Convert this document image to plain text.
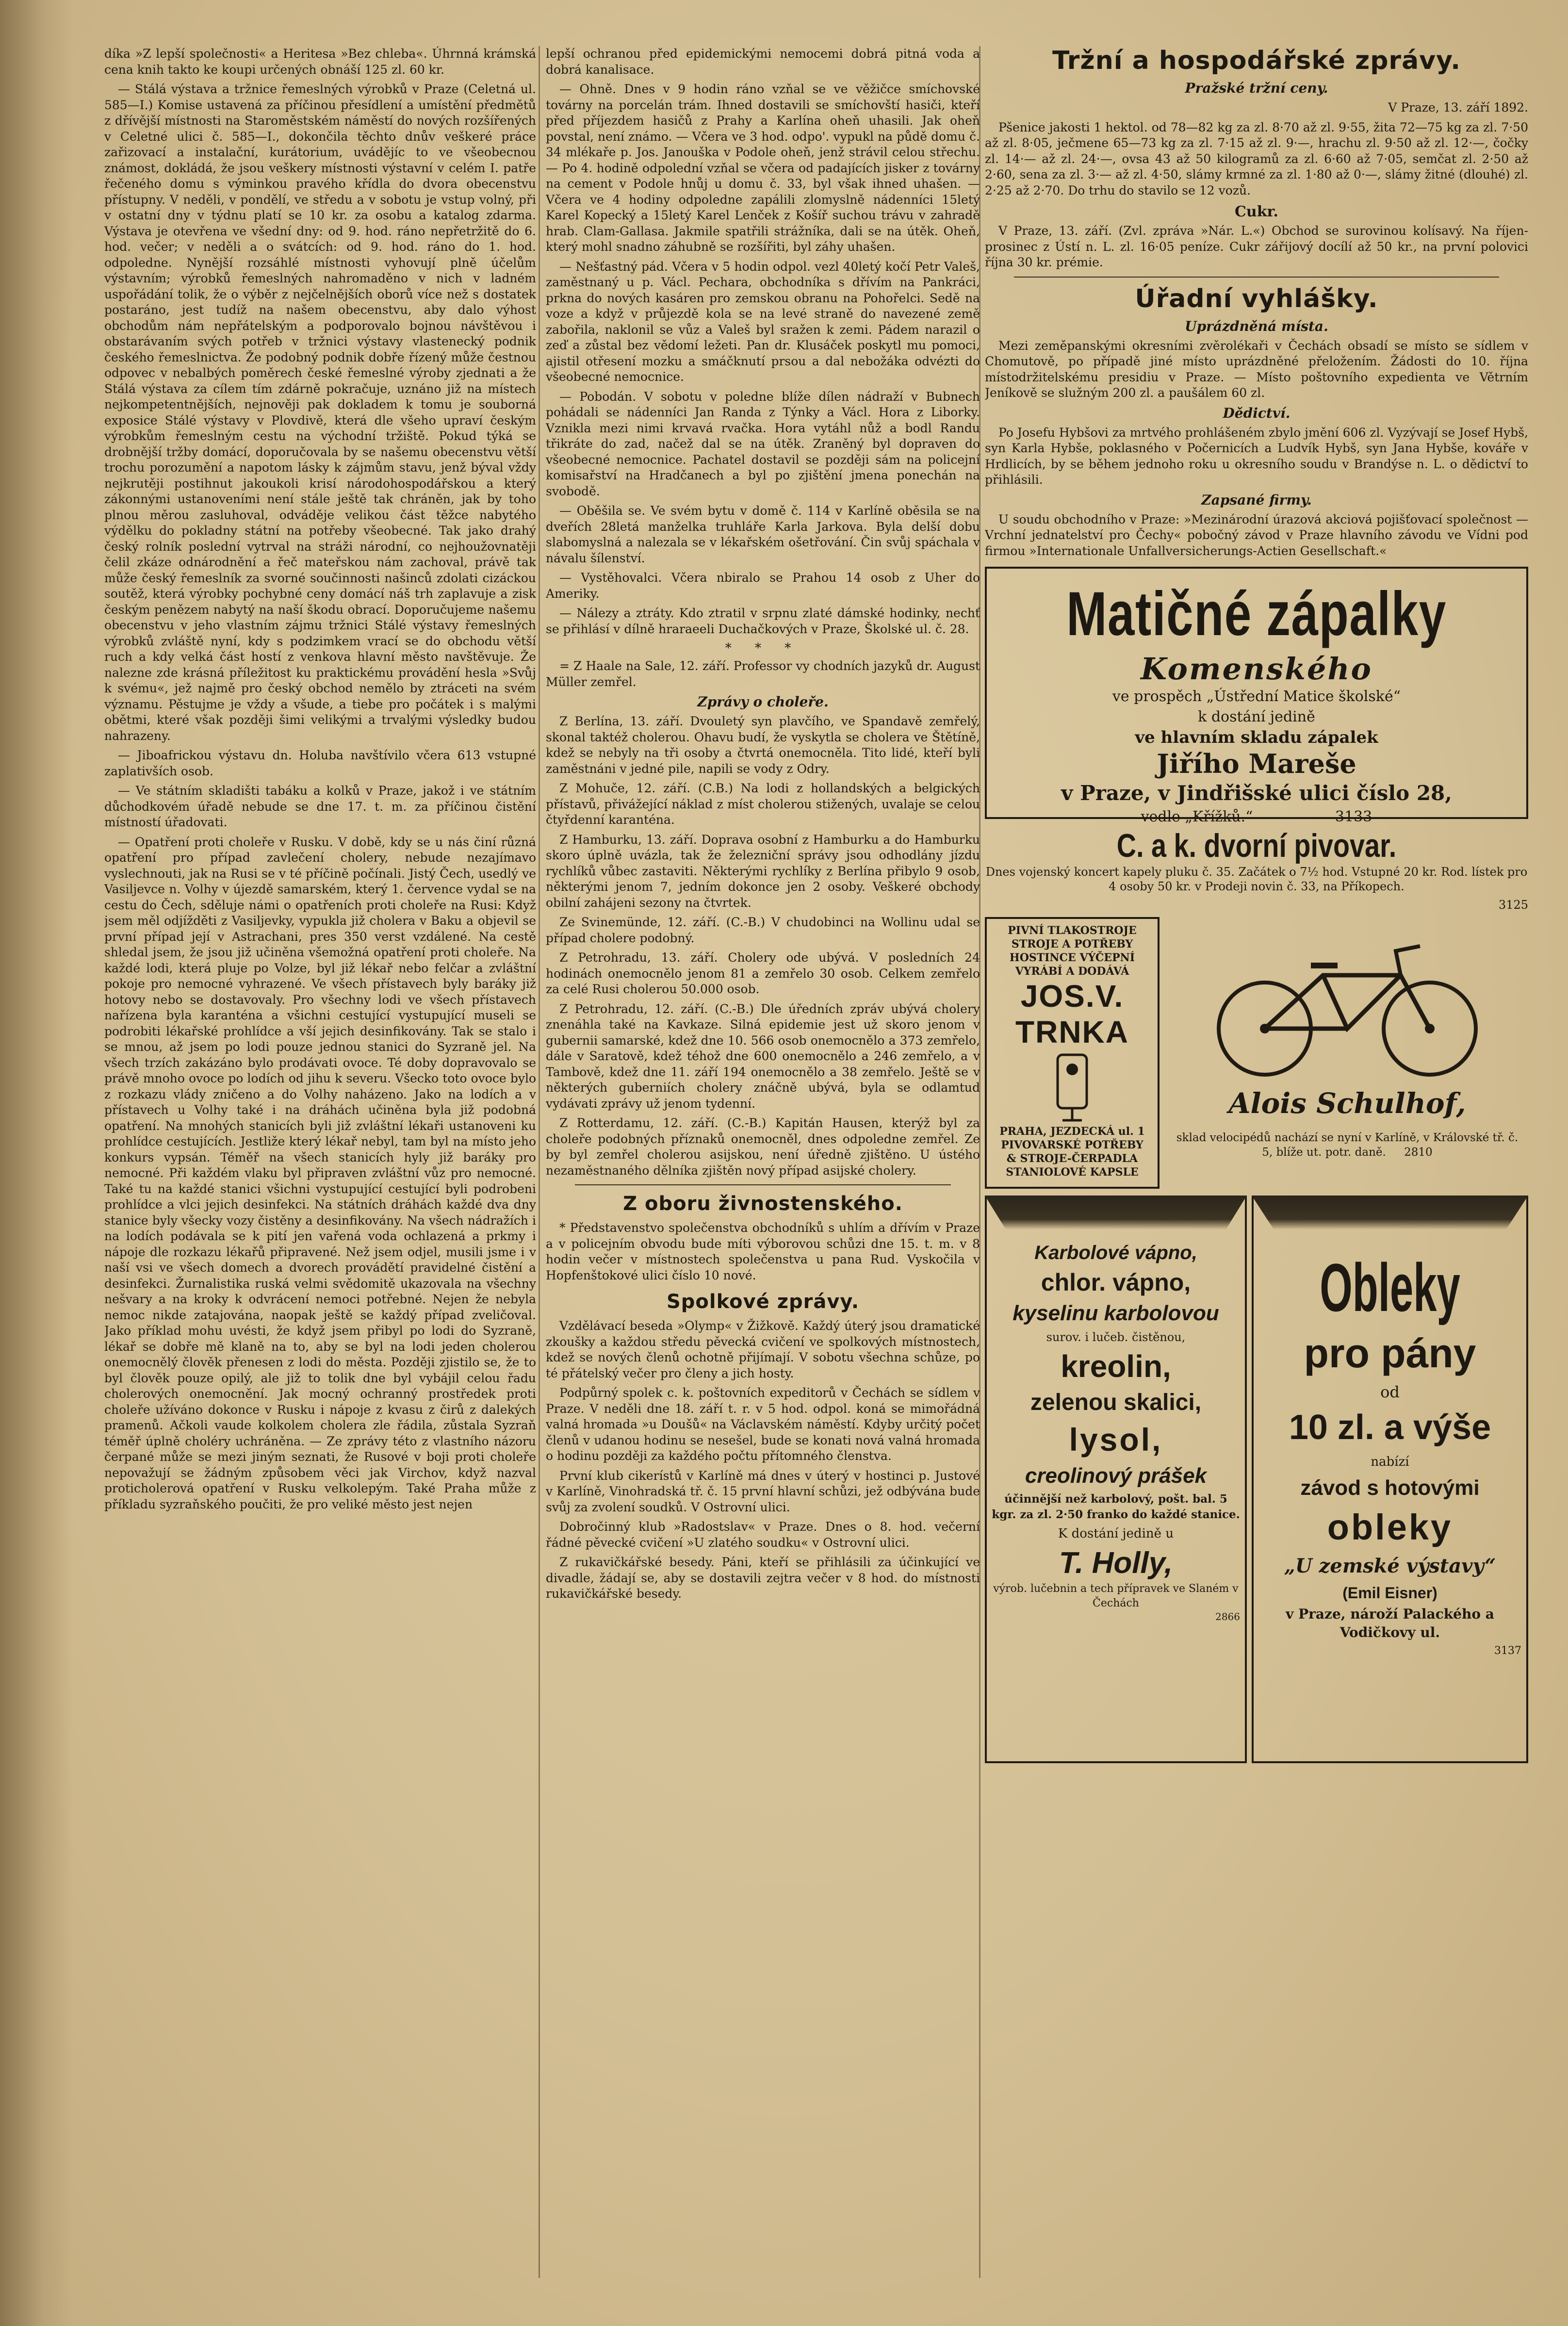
díka »Z lepší společnosti« a Heritesa »Bez chleba«. Úhrnná krámská cena knih takto ke koupi určených obnáší 125 zl. 60 kr.

— Stálá výstava a tržnice řemeslných výrobků v Praze (Celetná ul. 585—I.) Komise ustavená za příčinou přesídlení a umístění předmětů z dřívější místnosti na Staroměstském náměstí do nových rozšířených v Celetné ulici č. 585—I., dokončila těchto dnův veškeré práce zařizovací a instalační, kurátorium, uvádějíc to ve všeobecnou známost, dokládá, že jsou veškery místnosti výstavní v celém I. patře řečeného domu s výminkou pravého křídla do dvora obecenstvu přístupny. V neděli, v pondělí, ve středu a v sobotu je vstup volný, při v ostatní dny v týdnu platí se 10 kr. za osobu a katalog zdarma. Výstava je otevřena ve všední dny: od 9. hod. ráno nepřetržitě do 6. hod. večer; v neděli a o svátcích: od 9. hod. ráno do 1. hod. odpoledne. Nynější rozsáhlé místnosti vyhovují plně účelům výstavním; výrobků řemeslných nahromaděno v nich v ladném uspořádání tolik, že o výběr z nejčelnějších oborů více než s dostatek postaráno, jest tudíž na našem obecenstvu, aby dalo výhost obchodům nám nepřátelským a podporovalo bojnou návštěvou i obstarávaním svých potřeb v tržnici výstavy vlastenecký podnik českého řemeslnictva. Že podobný podnik dobře řízený může čestnou odpovec v nebalbých poměrech české řemeslné výroby zjednati a že Stálá výstava za cílem tím zdárně pokračuje, uznáno již na místech nejkompetentnějších, nejnověji pak dokladem k tomu je souborná exposice Stálé výstavy v Plovdivě, která dle všeho upraví českým výrobkům řemeslným cestu na východní tržiště. Pokud týká se drobnější tržby domácí, doporučovala by se našemu obecenstvu větší trochu porozumění a napotom lásky k zájmům stavu, jenž býval vždy nejkrutěji postihnut jakoukoli krisí národohospodářskou a který zákonnými ustanoveními není stále ještě tak chráněn, jak by toho plnou měrou zasluhoval, odváděje velikou část těžce nabytého výdělku do pokladny státní na potřeby všeobecné. Tak jako drahý český rolník poslední vytrval na stráži národní, co nejhoužovnatěji čelil zkáze odnárodnění a řeč mateřskou nám zachoval, právě tak může český řemeslník za svorné součinnosti našinců zdolati cizáckou soutěž, která výrobky pochybné ceny domácí náš trh zaplavuje a zisk českým penězem nabytý na naší škodu obrací. Doporučujeme našemu obecenstvu v jeho vlastním zájmu tržnici Stálé výstavy řemeslných výrobků zvláště nyní, kdy s podzimkem vrací se do obchodu větší ruch a kdy velká část hostí z venkova hlavní město navštěvuje. Že nalezne zde krásná příležitost ku praktickému provádění hesla »Svůj k svému«, jež najmě pro český obchod nemělo by ztráceti na svém významu. Pěstujme je vždy a všude, a tiebe pro počátek i s malými obětmi, které však později šimi velikými a trvalými výsledky budou nahrazeny.

— Jiboafrickou výstavu dn. Holuba navštívilo včera 613 vstupné zaplativších osob.

— Ve státním skladišti tabáku a kolků v Praze, jakož i ve státním důchodkovém úřadě nebude se dne 17. t. m. za příčinou čistění místností úřadovati.

— Opatření proti choleře v Rusku. V době, kdy se u nás činí různá opatření pro případ zavlečení cholery, nebude nezajímavo vyslechnouti, jak na Rusi se v té příčině počínali. Jistý Čech, usedlý ve Vasiljevce n. Volhy v újezdě samarském, který 1. července vydal se na cestu do Čech, sděluje námi o opatřeních proti choleře na Rusi: Když jsem měl odjížděti z Vasiljevky, vypukla již cholera v Baku a objevil se první případ její v Astrachani, pres 350 verst vzdálené. Na cestě shledal jsem, že jsou již učiněna všemožná opatření proti choleře. Na každé lodi, která pluje po Volze, byl již lékař nebo felčar a zvláštní pokoje pro nemocné vyhrazené. Ve všech přístavech byly baráky již hotovy nebo se dostavovaly. Pro všechny lodi ve všech přístavech nařízena byla karanténa a všichni cestující vystupující museli se podrobiti lékařské prohlídce a vší jejich desinfikovány. Tak se stalo i se mnou, až jsem po lodi pouze jednou stanici do Syzraně jel. Na všech trzích zakázáno bylo prodávati ovoce. Té doby dopravovalo se právě mnoho ovoce po lodích od jihu k severu. Všecko toto ovoce bylo z rozkazu vlády zničeno a do Volhy naházeno. Jako na lodích a v přístavech u Volhy také i na dráhách učiněna byla již podobná opatření. Na mnohých stanicích byli již zvláštní lékaři ustanoveni ku prohlídce cestujících. Jestliže který lékař nebyl, tam byl na místo jeho konkurs vypsán. Téměř na všech stanicích hyly již baráky pro nemocné. Při každém vlaku byl připraven zvláštní vůz pro nemocné. Také tu na každé stanici všichni vystupující cestující byli podrobeni prohlídce a vlci jejich desinfekci. Na státních dráhách každé dva dny stanice byly všecky vozy čistěny a desinfikovány. Na všech nádražích i na lodích podávala se k pití jen vařená voda ochlazená a prkmy i nápoje dle rozkazu lékařů připravené. Než jsem odjel, musili jsme i v naší vsi ve všech domech a dvorech provádětí pravidelné čistění a desinfekci. Žurnalistika ruská velmi svědomitě ukazovala na všechny nešvary a na kroky k odvrácení nemoci potřebné. Nejen že nebyla nemoc nikde zatajována, naopak ještě se každý případ zveličoval. Jako příklad mohu uvésti, že když jsem přibyl po lodi do Syzraně, lékař se dobře mě klaně na to, aby se byl na lodi jeden cholerou onemocnělý člověk přenesen z lodi do města. Později zjistilo se, že to byl člověk pouze opilý, ale již to tolik dne byl vybájil celou řadu cholerových onemocnění. Jak mocný ochranný prostředek proti choleře užíváno dokonce v Rusku i nápoje z kvasu z čirů z dalekých pramenů. Ačkoli vaude kolkolem cholera zle řádila, zůstala Syzraň téměř úplně choléry uchráněna. — Ze zprávy této z vlastního názoru čerpané může se mezi jiným seznati, že Rusové v boji proti choleře nepovažují se žádným způsobem věci jak Virchov, když nazval proticholerová opatření v Rusku velkolepým. Také Praha může z příkladu syzraňského poučiti, že pro veliké město jest nejen

lepší ochranou před epidemickými nemocemi dobrá pitná voda a dobrá kanalisace.

— Ohně. Dnes v 9 hodin ráno vzňal se ve věžičce smíchovské továrny na porcelán trám. Ihned dostavili se smíchovští hasiči, kteří před příjezdem hasičů z Prahy a Karlína oheň uhasili. Jak oheň povstal, není známo. — Včera ve 3 hod. odpo'. vypukl na půdě domu č. 34 mlékaře p. Jos. Janouška v Podole oheň, jenž strávil celou střechu. — Po 4. hodině odpolední vzňal se včera od padajících jisker z továrny na cement v Podole hnůj u domu č. 33, byl však ihned uhašen. — Včera ve 4 hodiny odpoledne zapálili zlomyslně nádenníci 15letý Karel Kopecký a 15letý Karel Lenček z Košíř suchou trávu v zahradě hrab. Clam-Gallasa. Jakmile spatřili strážníka, dali se na útěk. Oheň, který mohl snadno záhubně se rozšířiti, byl záhy uhašen.

— Nešťastný pád. Včera v 5 hodin odpol. vezl 40letý kočí Petr Valeš, zaměstnaný u p. Václ. Pechara, obchodníka s dřívím na Pankráci, prkna do nových kasáren pro zemskou obranu na Pohořelci. Sedě na voze a když v průjezdě kola se na levé straně do navezené země zabořila, naklonil se vůz a Valeš byl sražen k zemi. Pádem narazil o zeď a zůstal bez vědomí ležeti. Pan dr. Klusáček poskytl mu pomoci, ajistil otřesení mozku a smáčknutí prsou a dal nebožáka odvézti do všeobecné nemocnice.

— Pobodán. V sobotu v poledne blíže dílen nádraží v Bubnech pohádali se nádenníci Jan Randa z Týnky a Václ. Hora z Liborky. Vznikla mezi nimi krvavá rvačka. Hora vytáhl nůž a bodl Randu třikráte do zad, načež dal se na útěk. Zraněný byl dopraven do všeobecné nemocnice. Pachatel dostavil se později sám na policejní komisařství na Hradčanech a byl po zjištění jmena ponechán na svobodě.

— Oběšila se. Ve svém bytu v domě č. 114 v Karlíně oběsila se na dveřích 28letá manželka truhláře Karla Jarkova. Byla delší dobu slabomyslná a nalezala se v lékařském ošetřování. Čin svůj spáchala v návalu šílenství.

— Vystěhovalci. Včera nbiralo se Prahou 14 osob z Uher do Ameriky.

— Nálezy a ztráty. Kdo ztratil v srpnu zlaté dámské hodinky, nechť se přihlásí v dílně hraraeeli Duchačkových v Praze, Školské ul. č. 28.

* * *

= Z Haale na Sale, 12. září. Professor vy chodních jazyků dr. August Müller zemřel.

Zprávy o choleře.

Z Berlína, 13. září. Dvouletý syn plavčího, ve Spandavě zemřelý, skonal taktéž cholerou. Ohavu budí, že vyskytla se cholera ve Štětíně, kdež se nebyly na tři osoby a čtvrtá onemocněla. Tito lidé, kteří byli zaměstnáni v jedné pile, napili se vody z Odry.

Z Mohuče, 12. září. (C.B.) Na lodi z hollandských a belgických přístavů, přivážející náklad z míst cholerou stižených, uvalaje se celou čtyřdenní karanténa.

Z Hamburku, 13. září. Doprava osobní z Hamburku a do Hamburku skoro úplně uvázla, tak že železniční správy jsou odhodlány jízdu rychlíků vůbec zastaviti. Některými rychlíky z Berlína přibylo 9 osob, některými jenom 7, jedním dokonce jen 2 osoby. Veškeré obchody obilní zahájeni sezony na čtvrtek.

Ze Svinemünde, 12. září. (C.-B.) V chudobinci na Wollinu udal se případ cholere podobný.

Z Petrohradu, 13. září. Cholery ode ubývá. V posledních 24 hodinách onemocnělo jenom 81 a zemřelo 30 osob. Celkem zemřelo za celé Rusi cholerou 50.000 osob.

Z Petrohradu, 12. září. (C.-B.) Dle úředních zpráv ubývá cholery znenáhla také na Kavkaze. Silná epidemie jest už skoro jenom v gubernii samarské, kdež dne 10. 566 osob onemocnělo a 373 zemřelo, dále v Saratově, kdež téhož dne 600 onemocnělo a 246 zemřelo, a v Tambově, kdež dne 11. září 194 onemocnělo a 38 zemřelo. Ještě se v některých guberniích cholery znáčně ubývá, byla se odlamtud vydávati zprávy už jenom tydenní.

Z Rotterdamu, 12. září. (C.-B.) Kapitán Hausen, kterýž byl za choleře podobných příznaků onemocněl, dnes odpoledne zemřel. Ze by byl zemřel cholerou asijskou, není úředně zjištěno. U ústého nezaměstnaného dělníka zjištěn nový případ asijské cholery.

Z oboru živnostenského.

* Představenstvo společenstva obchodníků s uhlím a dřívím v Praze a v policejním obvodu bude míti výborovou schůzi dne 15. t. m. v 8 hodin večer v místnostech společenstva u pana Rud. Vyskočila v Hopfenštokové ulici číslo 10 nové.

Spolkové zprávy.

Vzdělávací beseda »Olymp« v Žižkově. Každý úterý jsou dramatické zkoušky a každou středu pěvecká cvičení ve spolkových místnostech, kdež se nových členů ochotně přijímají. V sobotu všechna schůze, po té přátelský večer pro členy a jich hosty.

Podpůrný spolek c. k. poštovních expeditorů v Čechách se sídlem v Praze. V neděli dne 18. září t. r. v 5 hod. odpol. koná se mimořádná valná hromada »u Doušů« na Václavském náměstí. Kdyby určitý počet členů v udanou hodinu se nesešel, bude se konati nová valná hromada o hodinu později za každého počtu přítomného členstva.

První klub cikerístů v Karlíně má dnes v úterý v hostinci p. Justové v Karlíně, Vinohradská tř. č. 15 první hlavní schůzi, jež odbývána bude svůj za zvolení soudků. V Ostrovní ulici.

Dobročinný klub »Radostslav« v Praze. Dnes o 8. hod. večerní řádné pěvecké cvičení »U zlatého soudku« v Ostrovní ulici.

Z rukavičkářské besedy. Páni, kteří se přihlásili za účinkující ve divadle, žádají se, aby se dostavili zejtra večer v 8 hod. do místnosti rukavičkářské besedy.

Tržní a hospodářské zprávy.
Pražské tržní ceny.

V Praze, 13. září 1892.

Pšenice jakosti 1 hektol. od 78—82 kg za zl. 8·70 až zl. 9·55, žita 72—75 kg za zl. 7·50 až zl. 8·05, ječmene 65—73 kg za zl. 7·15 až zl. 9·—, hrachu zl. 9·50 až zl. 12·—, čočky zl. 14·— až zl. 24·—, ovsa 43 až 50 kilogramů za zl. 6·60 až 7·05, semčat zl. 2·50 až 2·60, sena za zl. 3·— až zl. 4·50, slámy krmné za zl. 1·80 až 0·—, slámy žitné (dlouhé) zl. 2·25 až 2·70. Do trhu do stavilo se 12 vozů.

Cukr.

V Praze, 13. září. (Zvl. zpráva »Nár. L.«) Obchod se surovinou kolísavý. Na říjen-prosinec z Ústí n. L. zl. 16·05 peníze. Cukr zářijový docílí až 50 kr., na první polovici října 30 kr. prémie.

Úřadní vyhlášky.
Uprázdněná místa.

Mezi zeměpanskými okresními zvěrolékaři v Čechách obsadí se místo se sídlem v Chomutově, po případě jiné místo uprázdněné přeložením. Žádosti do 10. října místodržitelskému presidiu v Praze. — Místo poštovního expedienta ve Větrním Jeníkově se služným 200 zl. a paušálem 60 zl.

Dědictví.

Po Josefu Hybšovi za mrtvého prohlášeném zbylo jmění 606 zl. Vyzývají se Josef Hybš, syn Karla Hybše, poklasného v Počernicích a Ludvík Hybš, syn Jana Hybše, kováře v Hrdlicích, by se během jednoho roku u okresního soudu v Brandýse n. L. o dědictví to přihlásili.

Zapsané firmy.

U soudu obchodního v Praze: »Mezinárodní úrazová akciová pojišťovací společnost — Vrchní jednatelství pro Čechy« pobočný závod v Praze hlavního závodu ve Vídni pod firmou »Internationale Unfallversicherungs-Actien Gesellschaft.«

Matičné zápalky
Komenského
ve prospěch „Ústřední Matice školské“
k dostání jedině
ve hlavním skladu zápalek
Jiřího Mareše
v Praze, v Jindřišské ulici číslo 28,
vedle „Křížků.“	3133
C. a k. dvorní pivovar.

Dnes vojenský koncert kapely pluku č. 35. Začátek o 7½ hod. Vstupné 20 kr. Rod. lístek pro 4 osoby 50 kr. v Prodeji novin č. 33, na Příkopech.

3125

PIVNÍ TLAKOSTROJE
STROJE A POTŘEBY
HOSTINCE VÝČEPNÍ
VYRÁBÍ A DODÁVÁ
JOS.V. TRNKA
PRAHA, JEZDECKÁ ul. 1
PIVOVARSKÉ POTŘEBY
& STROJE-ČERPADLA
STANIOLOVÉ KAPSLE
Alois Schulhof,
sklad velocipédů nachází se nyní v Karlíně, v Královské tř. č. 5, blíže ut. potr. daně. 2810
Karbolové vápno,
chlor. vápno,
kyselinu karbolovou
surov. i lučeb. čistěnou,
kreolin,
zelenou skalici,
lysol,
creolinový prášek
účinnější než karbolový, pošt. bal. 5 kgr. za zl. 2·50 franko do každé stanice.
K dostání jedině u
T. Holly,
výrob. lučebnin a tech přípravek ve Slaném v Čechách
2866
Obleky
pro pány
od
10 zl. a výše
nabízí
závod s hotovými
obleky
„U zemské výstavy“
(Emil Eisner)
v Praze, nároží Palackého a Vodičkovy ul.
3137
